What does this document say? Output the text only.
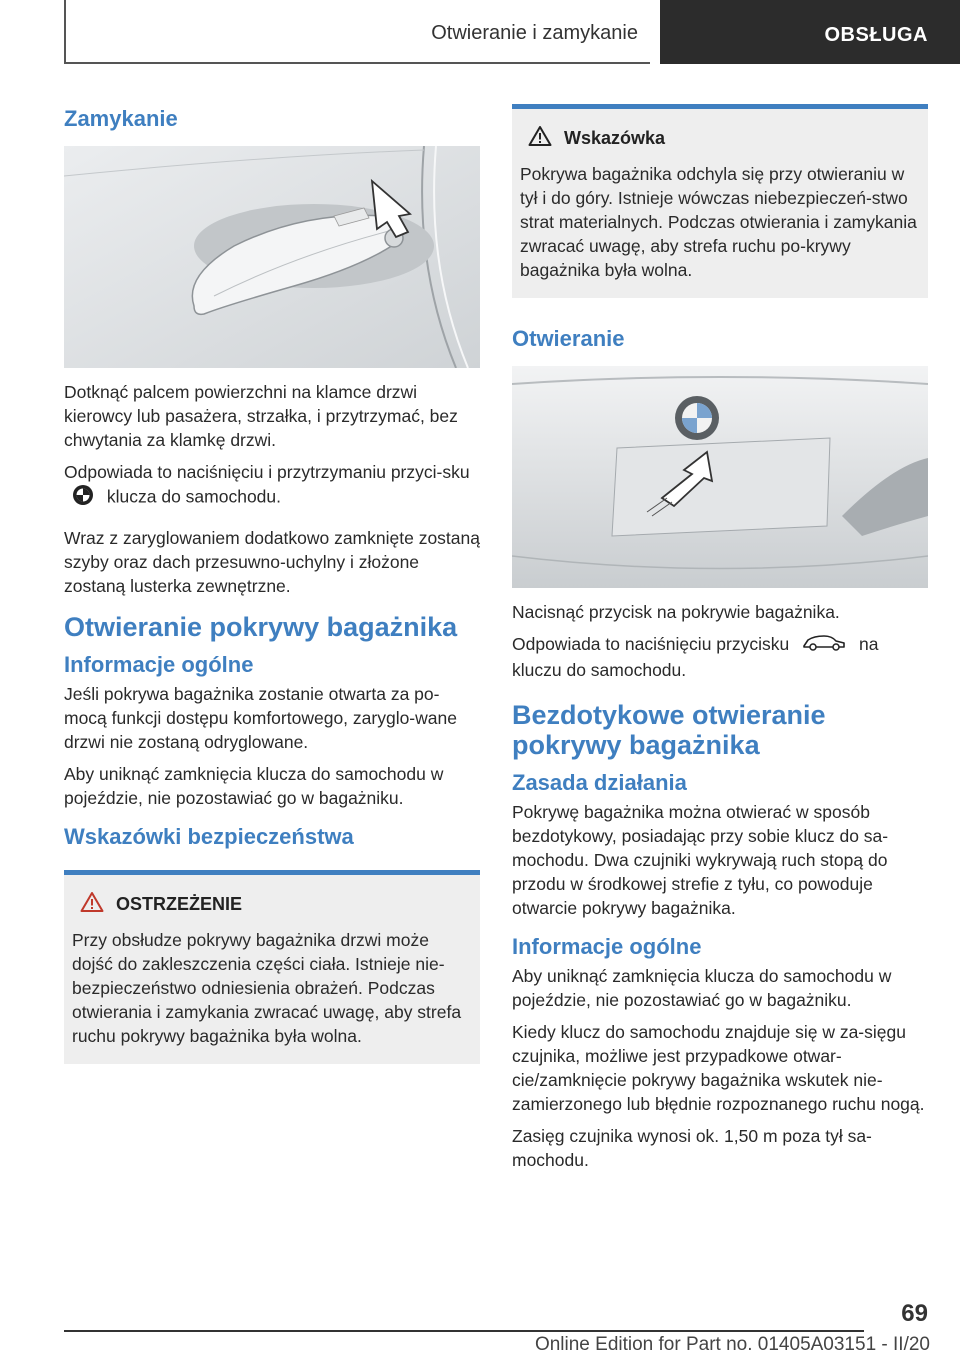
Otwieranie i zamykanie	OBSŁUGA
Zamykanie

Dotknąć palcem powierzchni na klamce drzwi kierowcy lub pasażera, strzałka, i przytrzymać, bez chwytania za klamkę drzwi.

Odpowiada to naciśnięciu i przytrzymaniu przyci-sku  klucza do samochodu.

Wraz z zaryglowaniem dodatkowo zamknięte zostaną szyby oraz dach przesuwno-uchylny i złożone zostaną lusterka zewnętrzne.

Otwieranie pokrywy bagażnika
Informacje ogólne

Jeśli pokrywa bagażnika zostanie otwarta za po-mocą funkcji dostępu komfortowego, zaryglo-wane drzwi nie zostaną odryglowane.

Aby uniknąć zamknięcia klucza do samochodu w pojeździe, nie pozostawiać go w bagażniku.

Wskazówki bezpieczeństwa
OSTRZEŻENIE

Przy obsłudze pokrywy bagażnika drzwi może dojść do zakleszczenia części ciała. Istnieje nie-bezpieczeństwo odniesienia obrażeń. Podczas otwierania i zamykania zwracać uwagę, aby strefa ruchu pokrywy bagażnika była wolna.

Wskazówka

Pokrywa bagażnika odchyla się przy otwieraniu w tył i do góry. Istnieje wówczas niebezpieczeń-stwo strat materialnych. Podczas otwierania i zamykania zwracać uwagę, aby strefa ruchu po-krywy bagażnika była wolna.

Otwieranie

Nacisnąć przycisk na pokrywie bagażnika.

Odpowiada to naciśnięciu przycisku	na kluczu do samochodu.

Bezdotykowe otwieranie pokrywy bagażnika
Zasada działania

Pokrywę bagażnika można otwierać w sposób bezdotykowy, posiadając przy sobie klucz do sa-mochodu. Dwa czujniki wykrywają ruch stopą do przodu w środkowej strefie z tyłu, co powoduje otwarcie pokrywy bagażnika.

Informacje ogólne

Aby uniknąć zamknięcia klucza do samochodu w pojeździe, nie pozostawiać go w bagażniku.

Kiedy klucz do samochodu znajduje się w za-sięgu czujnika, możliwe jest przypadkowe otwar-cie/zamknięcie pokrywy bagażnika wskutek nie-zamierzonego lub błędnie rozpoznanego ruchu nogą.

Zasięg czujnika wynosi ok. 1,50 m poza tył sa-mochodu.

69
Online Edition for Part no. 01405A03151 - II/20
